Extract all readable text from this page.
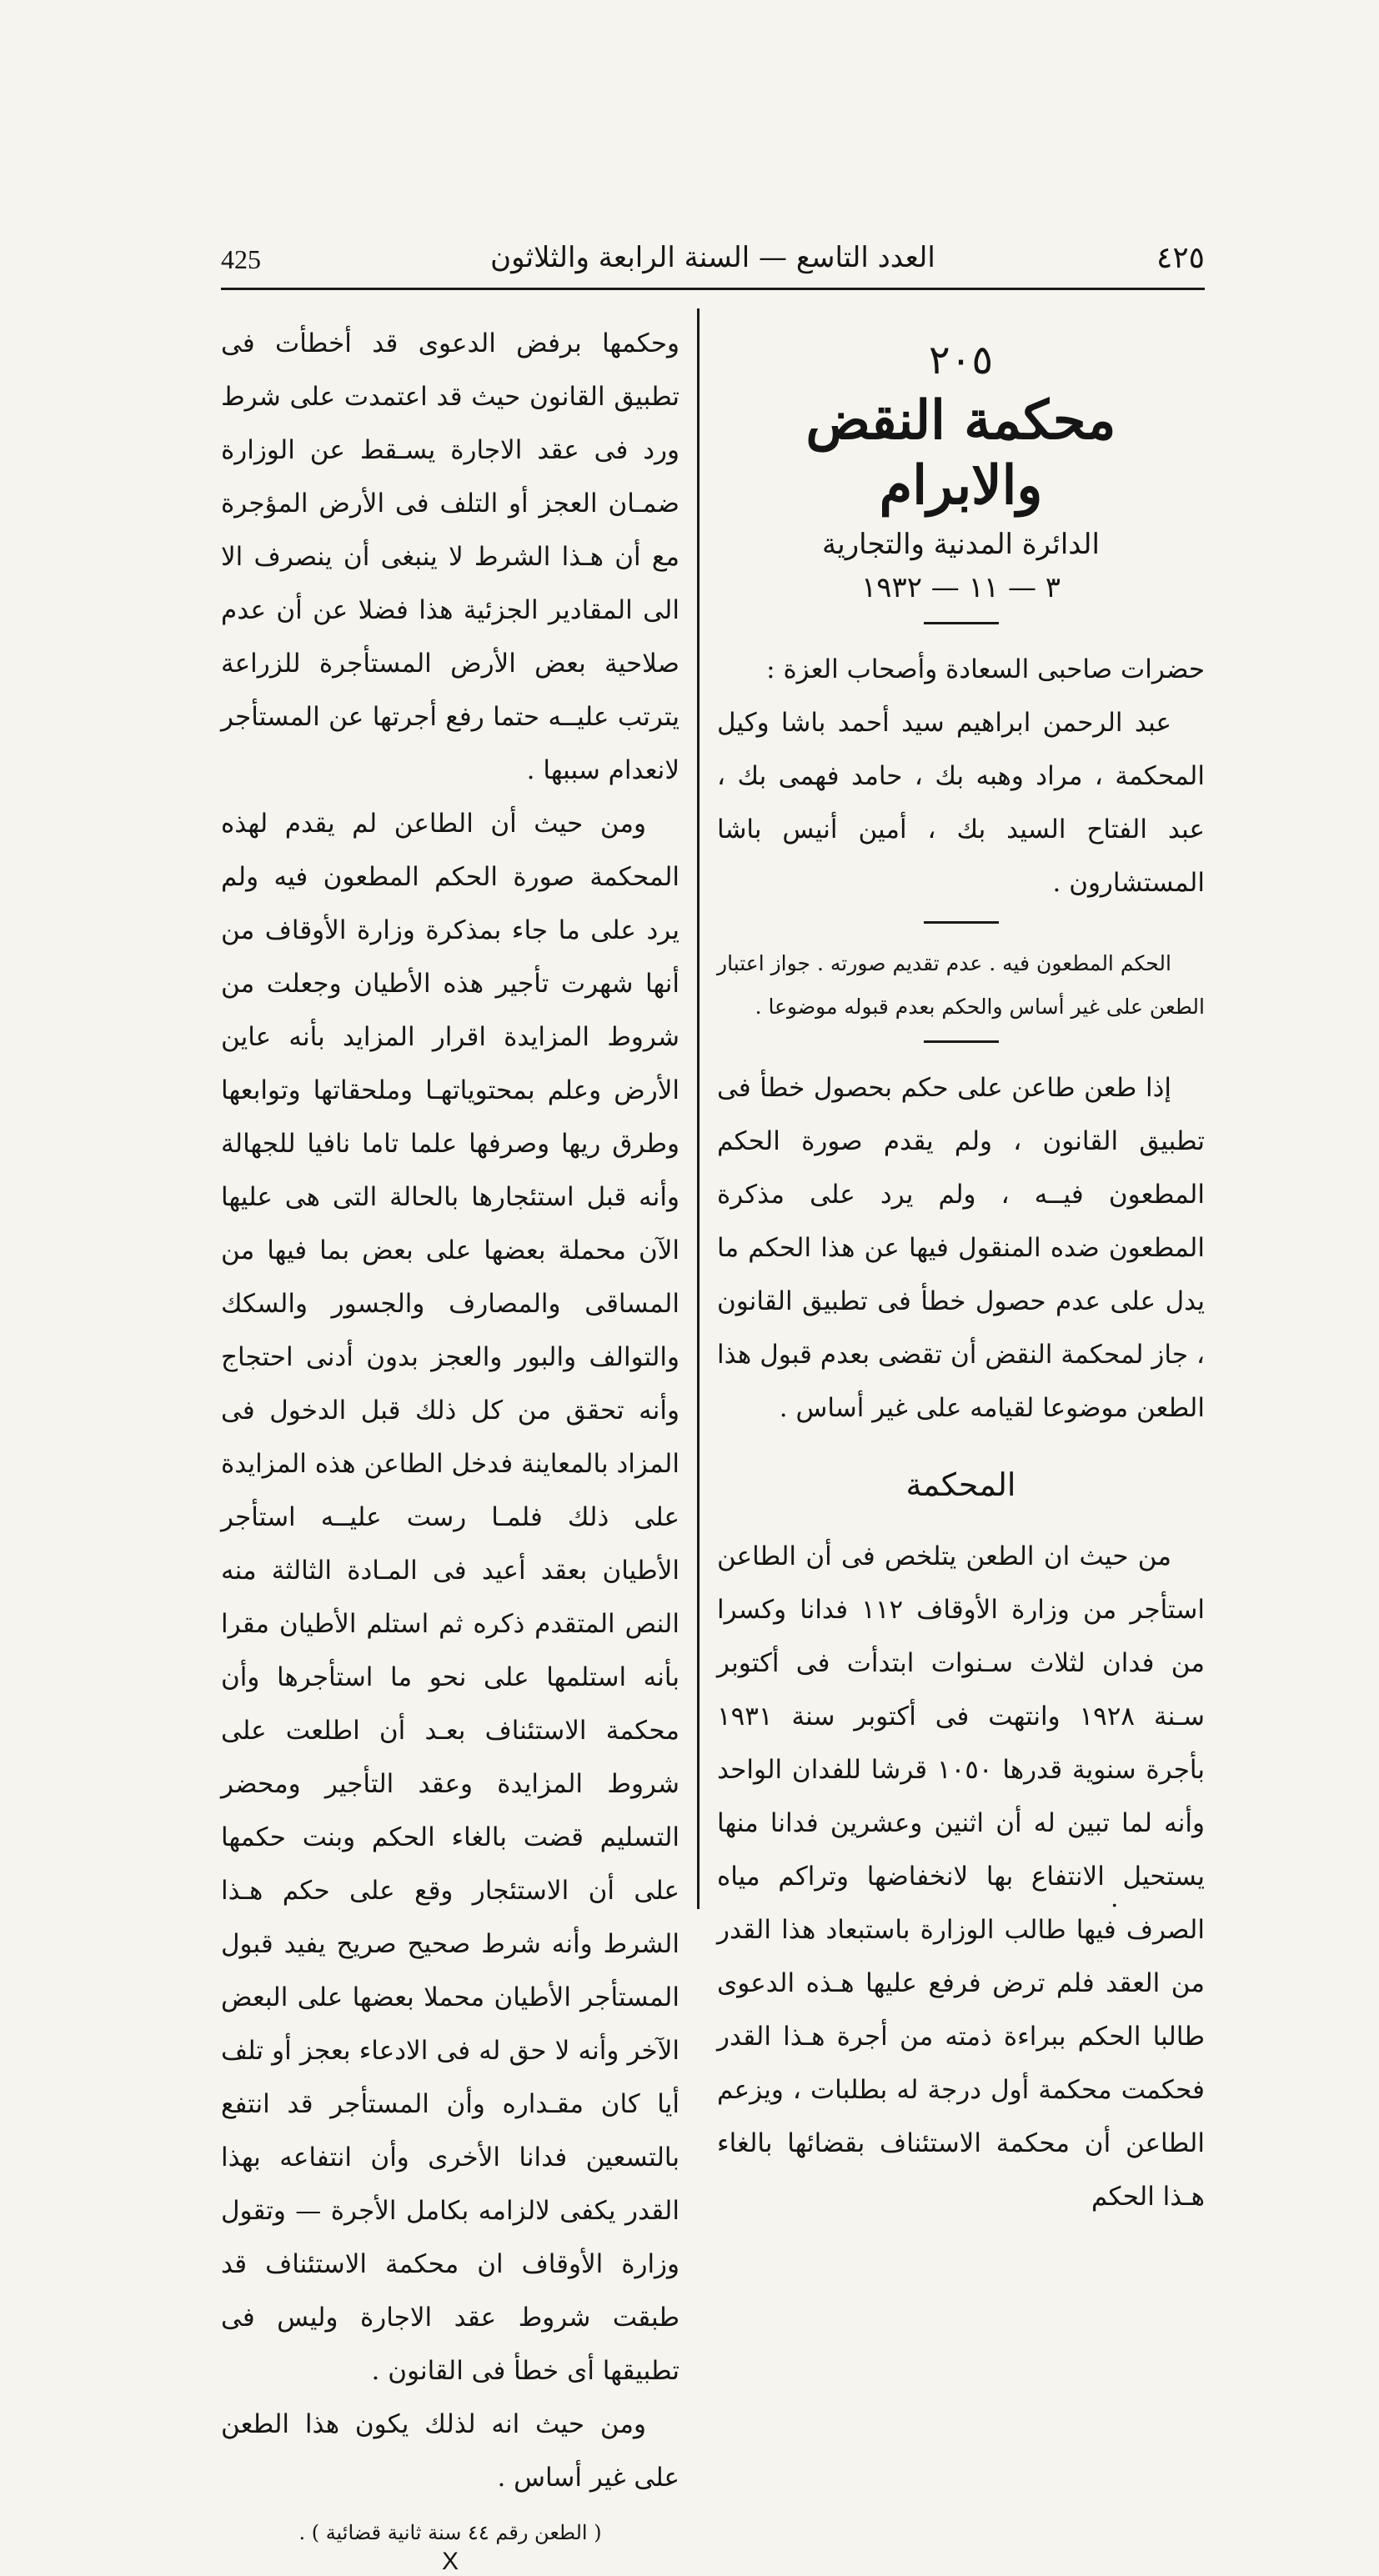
425	العدد التاسع — السنة الرابعة والثلاثون	٤٢٥
٢٠٥
محكمة النقض والابرام
الدائرة المدنية والتجارية
٣ — ١١ — ١٩٣٢

حضرات صاحبى السعادة وأصحاب العزة :

عبد الرحمن ابراهيم سيد أحمد باشا وكيل المحكمة ، مراد وهبه بك ، حامد فهمى بك ، عبد الفتاح السيد بك ، أمين أنيس باشا المستشارون .

الحكم المطعون فيه . عدم تقديم صورته . جواز اعتبار الطعن على غير أساس والحكم بعدم قبوله موضوعا .

إذا طعن طاعن على حكم بحصول خطأ فى تطبيق القانون ، ولم يقدم صورة الحكم المطعون فيــه ، ولم يرد على مذكرة المطعون ضده المنقول فيها عن هذا الحكم ما يدل على عدم حصول خطأ فى تطبيق القانون ، جاز لمحكمة النقض أن تقضى بعدم قبول هذا الطعن موضوعا لقيامه على غير أساس .

المحكمة

من حيث ان الطعن يتلخص فى أن الطاعن استأجر من وزارة الأوقاف ١١٢ فدانا وكسرا من فدان لثلاث سـنوات ابتدأت فى أكتوبر سـنة ١٩٢٨ وانتهت فى أكتوبر سنة ١٩٣١ بأجرة سنوية قدرها ١٠٥٠ قرشا للفدان الواحد وأنه لما تبين له أن اثنين وعشرين فدانا منها يستحيل الانتفاع بها لانخفاضها وتراكم مياه الصرف فيها طالب الوزارة باستبعاد هذا القدر من العقد فلم ترض فرفع عليها هـذه الدعوى طالبا الحكم ببراءة ذمته من أجرة هـذا القدر فحكمت محكمة أول درجة له بطلبات ، ويزعم الطاعن أن محكمة الاستئناف بقضائها بالغاء هـذا الحكم

وحكمها برفض الدعوى قد أخطأت فى تطبيق القانون حيث قد اعتمدت على شرط ورد فى عقد الاجارة يسـقط عن الوزارة ضمـان العجز أو التلف فى الأرض المؤجرة مع أن هـذا الشرط لا ينبغى أن ينصرف الا الى المقادير الجزئية هذا فضلا عن أن عدم صلاحية بعض الأرض المستأجرة للزراعة يترتب عليــه حتما رفع أجرتها عن المستأجر لانعدام سببها .

ومن حيث أن الطاعن لم يقدم لهذه المحكمة صورة الحكم المطعون فيه ولم يرد على ما جاء بمذكرة وزارة الأوقاف من أنها شهرت تأجير هذه الأطيان وجعلت من شروط المزايدة اقرار المزايد بأنه عاين الأرض وعلم بمحتوياتهـا وملحقاتها وتوابعها وطرق ريها وصرفها علما تاما نافيا للجهالة وأنه قبل استئجارها بالحالة التى هى عليها الآن محملة بعضها على بعض بما فيها من المساقى والمصارف والجسور والسكك والتوالف والبور والعجز بدون أدنى احتجاج وأنه تحقق من كل ذلك قبل الدخول فى المزاد بالمعاينة فدخل الطاعن هذه المزايدة على ذلك فلمـا رست عليــه استأجر الأطيان بعقد أعيد فى المـادة الثالثة منه النص المتقدم ذكره ثم استلم الأطيان مقرا بأنه استلمها على نحو ما استأجرها وأن محكمة الاستئناف بعـد أن اطلعت على شروط المزايدة وعقد التأجير ومحضر التسليم قضت بالغاء الحكم وبنت حكمها على أن الاستئجار وقع على حكم هـذا الشرط وأنه شرط صحيح صريح يفيد قبول المستأجر الأطيان محملا بعضها على البعض الآخر وأنه لا حق له فى الادعاء بعجز أو تلف أيا كان مقـداره وأن المستأجر قد انتفع بالتسعين فدانا الأخرى وأن انتفاعه بهذا القدر يكفى لالزامه بكامل الأجرة — وتقول وزارة الأوقاف ان محكمة الاستئناف قد طبقت شروط عقد الاجارة وليس فى تطبيقها أى خطأ فى القانون .

ومن حيث انه لذلك يكون هذا الطعن على غير أساس .

( الطعن رقم ٤٤ سنة ثانية قضائية ) .
X
.
